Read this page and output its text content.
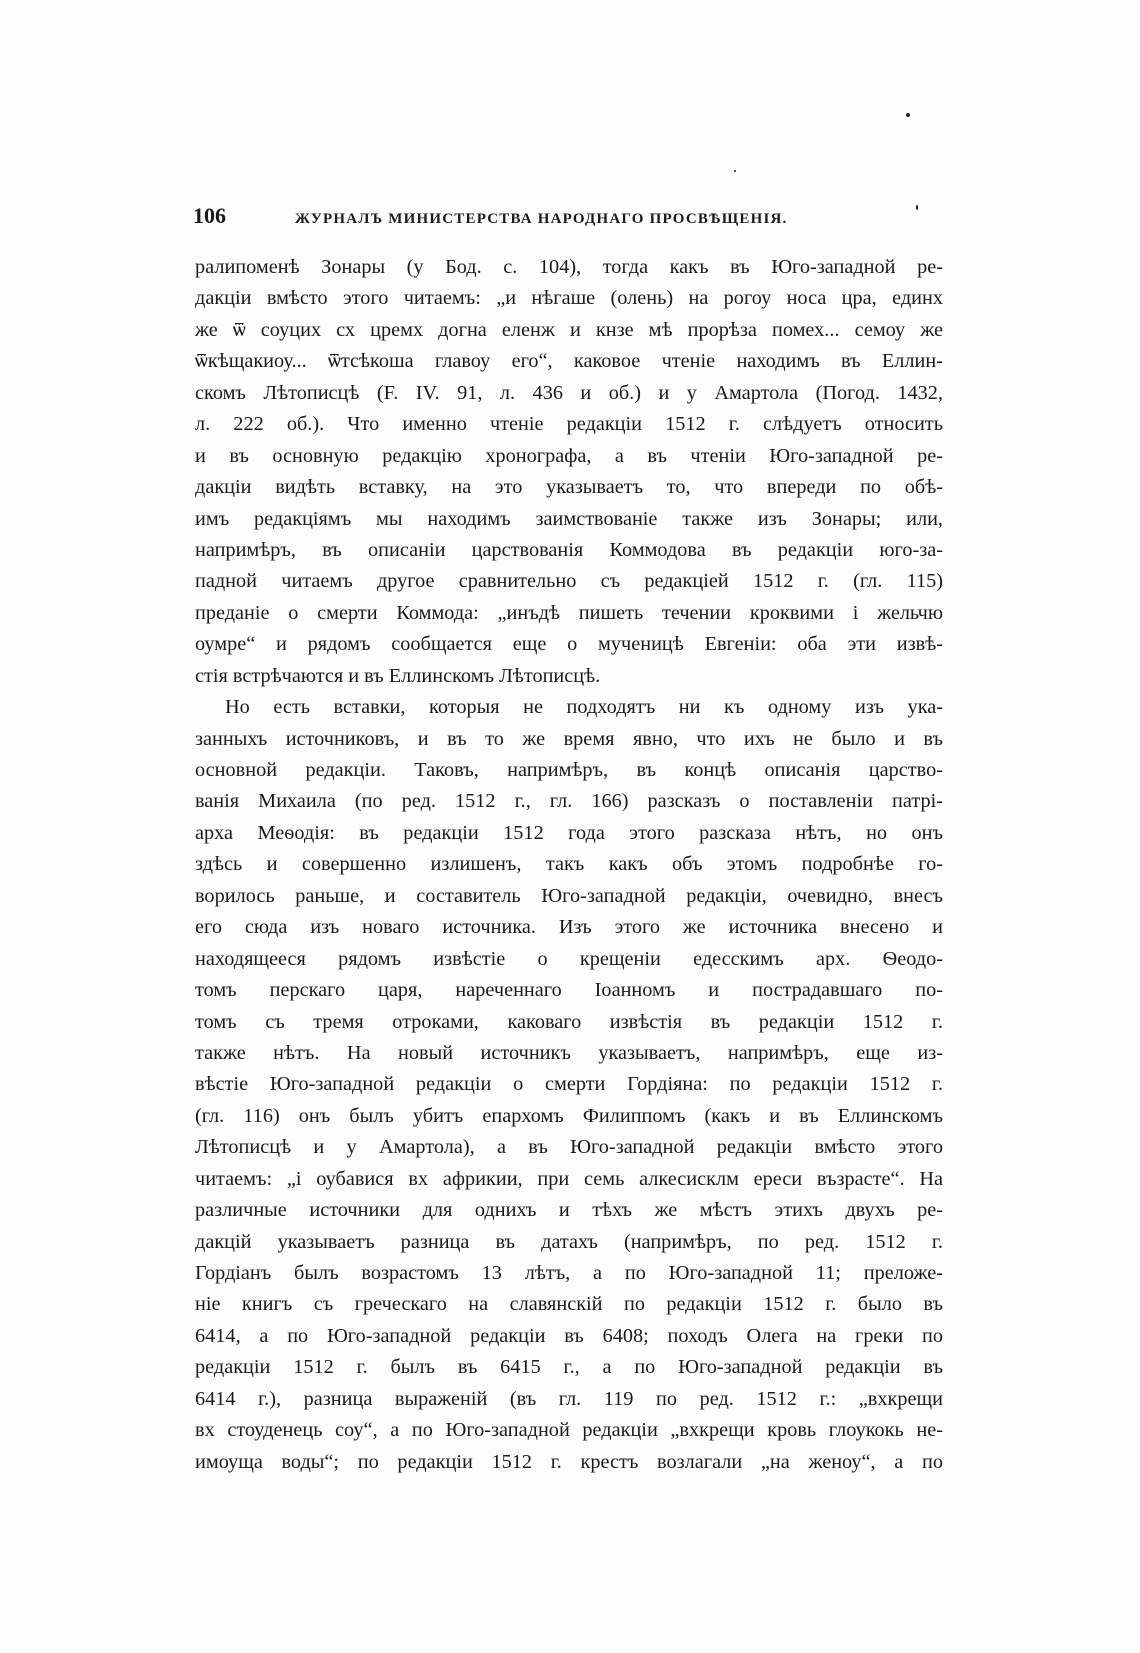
106	ЖУРНАЛЪ МИНИСТЕРСТВА НАРОДНАГО ПРОСВѢЩЕНІЯ.
ралипоменѣ Зонары (у Бод. с. 104), тогда какъ въ Юго-западной ре-
дакціи вмѣсто этого читаемъ: „и нѣгаше (олень) на рогоу носа цра, единх
же ѿ соуцих сх цремх догна еленж и кнзе мѣ прорѣза помех... семоу же
ѿкѣщакиоу... ѿтсѣкоша главоу его“, каковое чтеніе находимъ въ Еллин-
скомъ Лѣтописцѣ (F. IV. 91, л. 436 и об.) и у Амартола (Погод. 1432,
л. 222 об.). Что именно чтеніе редакціи 1512 г. слѣдуетъ относить
и въ основную редакцію хронографа, а въ чтеніи Юго-западной ре-
дакціи видѣть вставку, на это указываетъ то, что впереди по обѣ-
имъ редакціямъ мы находимъ заимствованіе также изъ Зонары; или,
напримѣръ, въ описаніи царствованія Коммодова въ редакціи юго-за-
падной читаемъ другое сравнительно съ редакціей 1512 г. (гл. 115)
преданіе о смерти Коммода: „инъдѣ пишеть течении кроквими і жельчю
оумре“ и рядомъ сообщается еще о мученицѣ Евгеніи: оба эти извѣ-
стія встрѣчаются и въ Еллинскомъ Лѣтописцѣ.
Но есть вставки, которыя не подходятъ ни къ одному изъ ука-
занныхъ источниковъ, и въ то же время явно, что ихъ не было и въ
основной редакціи. Таковъ, напримѣръ, въ концѣ описанія царство-
ванія Михаила (по ред. 1512 г., гл. 166) разсказъ о поставленіи патрі-
арха Меѳодія: въ редакціи 1512 года этого разсказа нѣтъ, но онъ
здѣсь и совершенно излишенъ, такъ какъ объ этомъ подробнѣе го-
ворилось раньше, и составитель Юго-западной редакціи, очевидно, внесъ
его сюда изъ новаго источника. Изъ этого же источника внесено и
находящееся рядомъ извѣстіе о крещеніи едесскимъ арх. Ѳеодо-
томъ перскаго царя, нареченнаго Іоанномъ и пострадавшаго по-
томъ съ тремя отроками, каковаго извѣстія въ редакціи 1512 г.
также нѣтъ. На новый источникъ указываетъ, напримѣръ, еще из-
вѣстіе Юго-западной редакціи о смерти Гордіяна: по редакціи 1512 г.
(гл. 116) онъ былъ убитъ епархомъ Филиппомъ (какъ и въ Еллинскомъ
Лѣтописцѣ и у Амартола), а въ Юго-западной редакціи вмѣсто этого
читаемъ: „і оубавися вх африкии, при семь алкесисклм ереси възрасте“. На
различные источники для однихъ и тѣхъ же мѣстъ этихъ двухъ ре-
дакцій указываетъ разница въ датахъ (напримѣръ, по ред. 1512 г.
Гордіанъ былъ возрастомъ 13 лѣтъ, а по Юго-западной 11; преложе-
ніе книгъ съ греческаго на славянскій по редакціи 1512 г. было въ
6414, а по Юго-западной редакціи въ 6408; походъ Олега на греки по
редакціи 1512 г. былъ въ 6415 г., а по Юго-западной редакціи въ
6414 г.), разница выраженій (въ гл. 119 по ред. 1512 г.: „вхкрещи
вх стоуденець соу“, а по Юго-западной редакціи „вхкрещи кровь глоукокь не-
имоуща воды“; по редакціи 1512 г. крестъ возлагали „на женоу“, а по
